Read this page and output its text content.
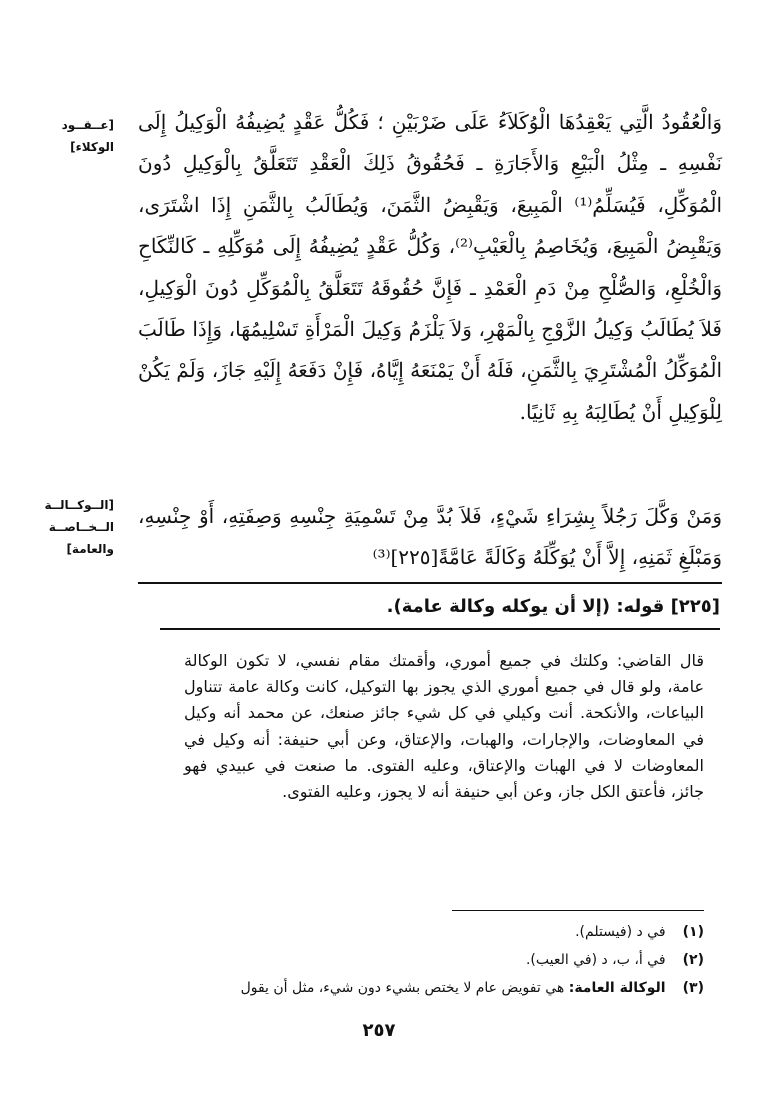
[عــقــود الوكلاء]
[الــوكــالــة الــخــاصــة والعامة]

وَالْعُقُودُ الَّتِي يَعْقِدُهَا الْوُكَلاَءُ عَلَى ضَرْبَيْنِ ؛ فَكُلُّ عَقْدٍ يُضِيفُهُ الْوَكِيلُ إِلَى نَفْسِهِ ـ مِثْلُ الْبَيْعِ وَالأَجَارَةِ ـ فَحُقُوقُ ذَلِكَ الْعَقْدِ تَتَعَلَّقُ بِالْوَكِيلِ دُونَ الْمُوَكِّلِ، فَيُسَلِّمُ⁽¹⁾ الْمَبِيعَ، وَيَقْبِضُ الثَّمَنَ، وَيُطَالَبُ بِالثَّمَنِ إِذَا اشْتَرَى، وَيَقْبِضُ الْمَبِيعَ، وَيُخَاصِمُ بِالْعَيْبِ⁽²⁾، وَكُلُّ عَقْدٍ يُضِيفُهُ إِلَى مُوَكِّلِهِ ـ كَالنِّكَاحِ وَالْخُلْعِ، وَالصُّلْحِ مِنْ دَمِ الْعَمْدِ ـ فَإِنَّ حُقُوقَهُ تَتَعَلَّقُ بِالْمُوَكِّلِ دُونَ الْوَكِيلِ، فَلاَ يُطَالَبُ وَكِيلُ الزَّوْجِ بِالْمَهْرِ، وَلاَ يَلْزَمُ وَكِيلَ الْمَرْأَةِ تَسْلِيمُهَا، وَإِذَا طَالَبَ الْمُوَكِّلُ الْمُشْتَرِيَ بِالثَّمَنِ، فَلَهُ أَنْ يَمْنَعَهُ إِيَّاهُ، فَإِنْ دَفَعَهُ إِلَيْهِ جَازَ، وَلَمْ يَكُنْ لِلْوَكِيلِ أَنْ يُطَالِبَهُ بِهِ ثَانِيًا.

وَمَنْ وَكَّلَ رَجُلاً بِشِرَاءِ شَيْءٍ، فَلاَ بُدَّ مِنْ تَسْمِيَةِ جِنْسِهِ وَصِفَتِهِ، أَوْ جِنْسِهِ، وَمَبْلَغِ ثَمَنِهِ، إِلاَّ أَنْ يُوَكِّلَهُ وَكَالَةً عَامَّةً[٢٢٥]⁽³⁾

[٢٢٥] قوله: (إلا أن يوكله وكالة عامة).

قال القاضي: وكلتك في جميع أموري، وأقمتك مقام نفسي، لا تكون الوكالة عامة، ولو قال في جميع أموري الذي يجوز بها التوكيل، كانت وكالة عامة تتناول البياعات، والأنكحة. أنت وكيلي في كل شيء جائز صنعك، عن محمد أنه وكيل في المعاوضات، والإجارات، والهبات، والإعتاق، وعن أبي حنيفة: أنه وكيل في المعاوضات لا في الهبات والإعتاق، وعليه الفتوى. ما صنعت في عبيدي فهو جائز، فأعتق الكل جاز، وعن أبي حنيفة أنه لا يجوز، وعليه الفتوى.

(١) في د (فيستلم).
(٢) في أ، ب، د (في العيب).
(٣) الوكالة العامة: هي تفويض عام لا يختص بشيء دون شيء، مثل أن يقول
٢٥٧
